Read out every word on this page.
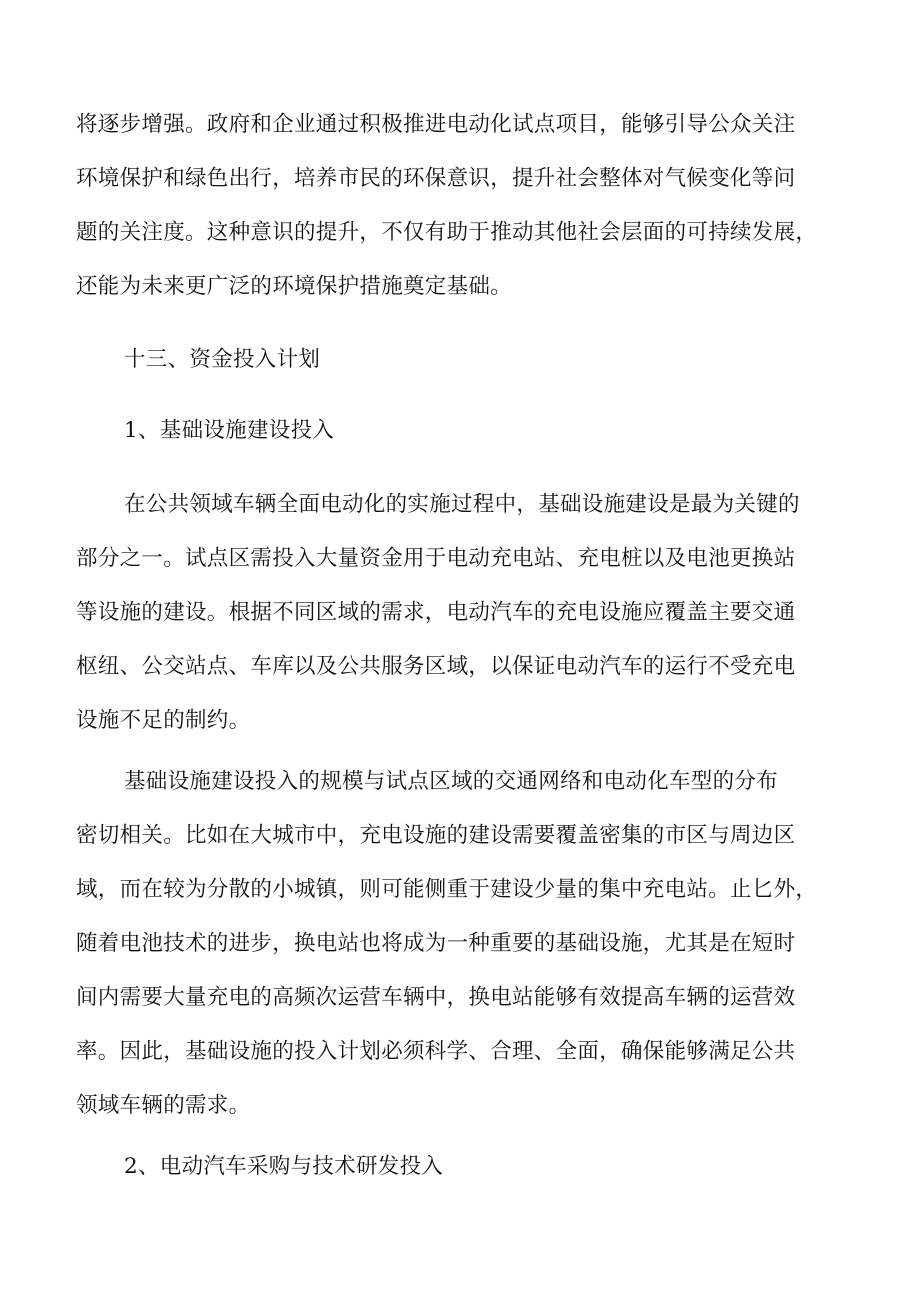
将逐步增强。政府和企业通过积极推进电动化试点项目，能够引导公众关注
环境保护和绿色出行，培养市民的环保意识，提升社会整体对气候变化等问
题的关注度。这种意识的提升，不仅有助于推动其他社会层面的可持续发展，
还能为未来更广泛的环境保护措施奠定基础。
十三、资金投入计划
1、基础设施建设投入
在公共领域车辆全面电动化的实施过程中，基础设施建设是最为关键的
部分之一。试点区需投入大量资金用于电动充电站、充电桩以及电池更换站
等设施的建设。根据不同区域的需求，电动汽车的充电设施应覆盖主要交通
枢纽、公交站点、车库以及公共服务区域，以保证电动汽车的运行不受充电
设施不足的制约。
基础设施建设投入的规模与试点区域的交通网络和电动化车型的分布
密切相关。比如在大城市中，充电设施的建设需要覆盖密集的市区与周边区
域，而在较为分散的小城镇，则可能侧重于建设少量的集中充电站。止匕外，
随着电池技术的进步，换电站也将成为一种重要的基础设施，尤其是在短时
间内需要大量充电的高频次运营车辆中，换电站能够有效提高车辆的运营效
率。因此，基础设施的投入计划必须科学、合理、全面，确保能够满足公共
领域车辆的需求。
2、电动汽车采购与技术研发投入
